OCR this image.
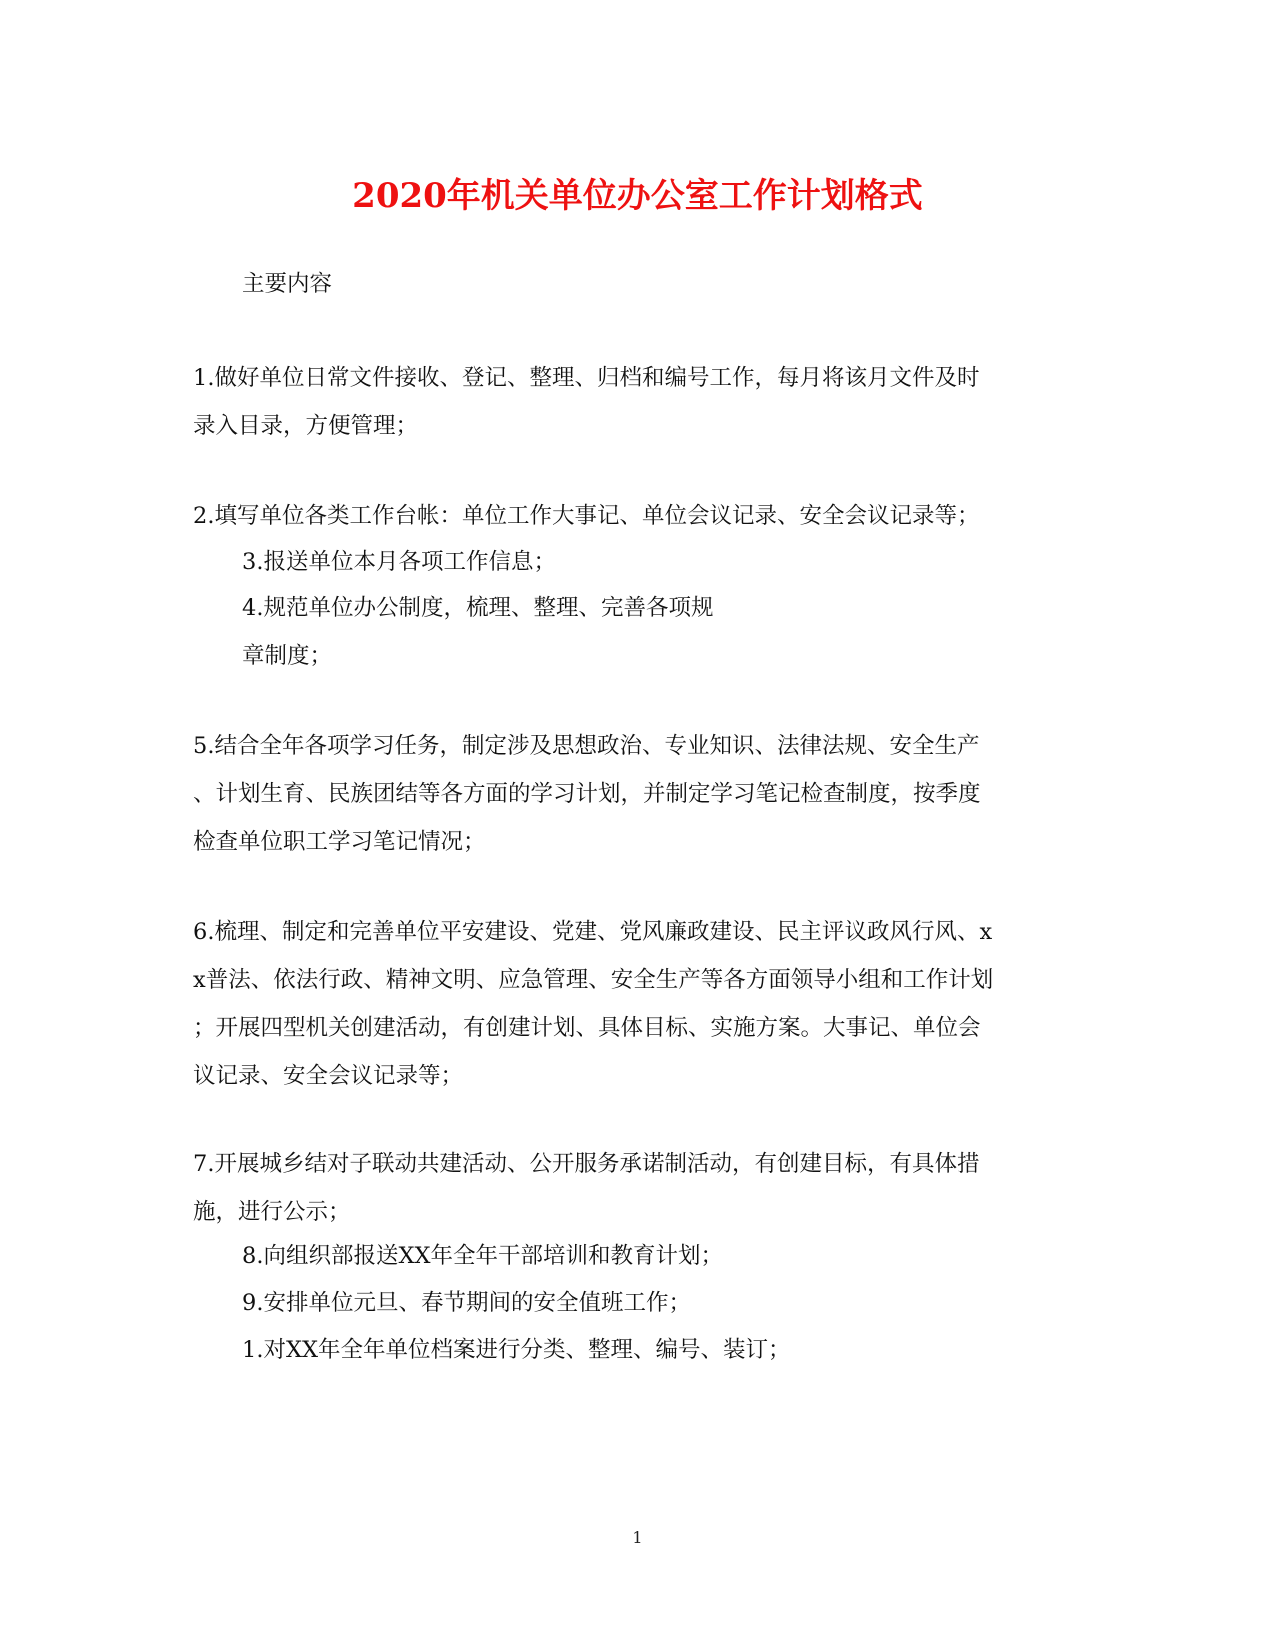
2020年机关单位办公室工作计划格式
主要内容
1.做好单位日常文件接收、登记、整理、归档和编号工作，每月将该月文件及时
录入目录，方便管理；
2.填写单位各类工作台帐：单位工作大事记、单位会议记录、安全会议记录等；
3.报送单位本月各项工作信息；
4.规范单位办公制度，梳理、整理、完善各项规
章制度；
5.结合全年各项学习任务，制定涉及思想政治、专业知识、法律法规、安全生产
、计划生育、民族团结等各方面的学习计划，并制定学习笔记检查制度，按季度
检查单位职工学习笔记情况；
6.梳理、制定和完善单位平安建设、党建、党风廉政建设、民主评议政风行风、x
x普法、依法行政、精神文明、应急管理、安全生产等各方面领导小组和工作计划
；开展四型机关创建活动，有创建计划、具体目标、实施方案。大事记、单位会
议记录、安全会议记录等；
7.开展城乡结对子联动共建活动、公开服务承诺制活动，有创建目标，有具体措
施，进行公示；
8.向组织部报送XX年全年干部培训和教育计划；
9.安排单位元旦、春节期间的安全值班工作；
1.对XX年全年单位档案进行分类、整理、编号、装订；
1
